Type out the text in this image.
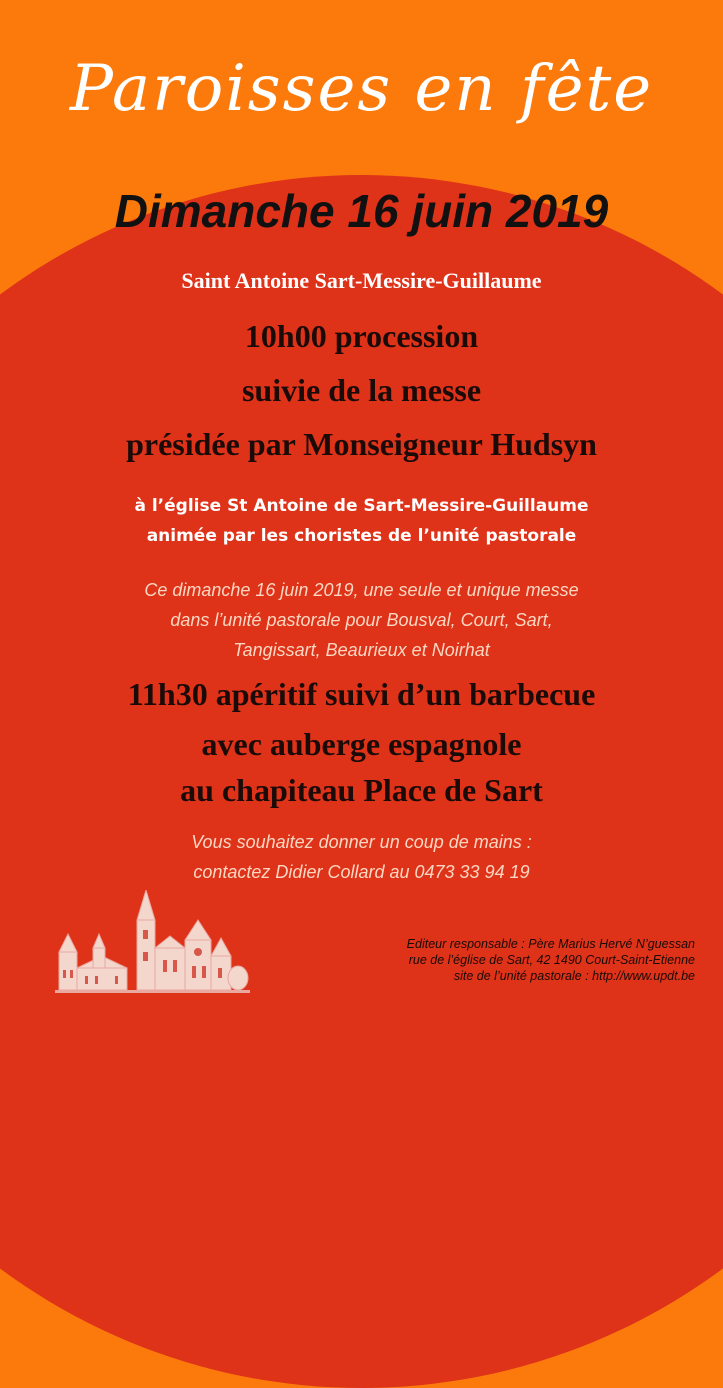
Paroisses en fête
Dimanche 16 juin 2019
Saint Antoine Sart-Messire-Guillaume
10h00 procession
suivie de la messe
présidée par Monseigneur Hudsyn
à l’église St Antoine de Sart-Messire-Guillaume
animée par les choristes de l’unité pastorale
Ce dimanche 16 juin 2019, une seule et unique messe
dans l’unité pastorale pour Bousval, Court, Sart,
Tangissart, Beaurieux et Noirhat
11h30 apéritif suivi d’un barbecue
avec auberge espagnole
au chapiteau Place de Sart
Vous souhaitez donner un coup de mains :
contactez Didier Collard au 0473 33 94 19
Editeur responsable : Père Marius Hervé N’guessan
rue de l’église de Sart, 42 1490 Court-Saint-Etienne
site de l’unité pastorale : http://www.updt.be
